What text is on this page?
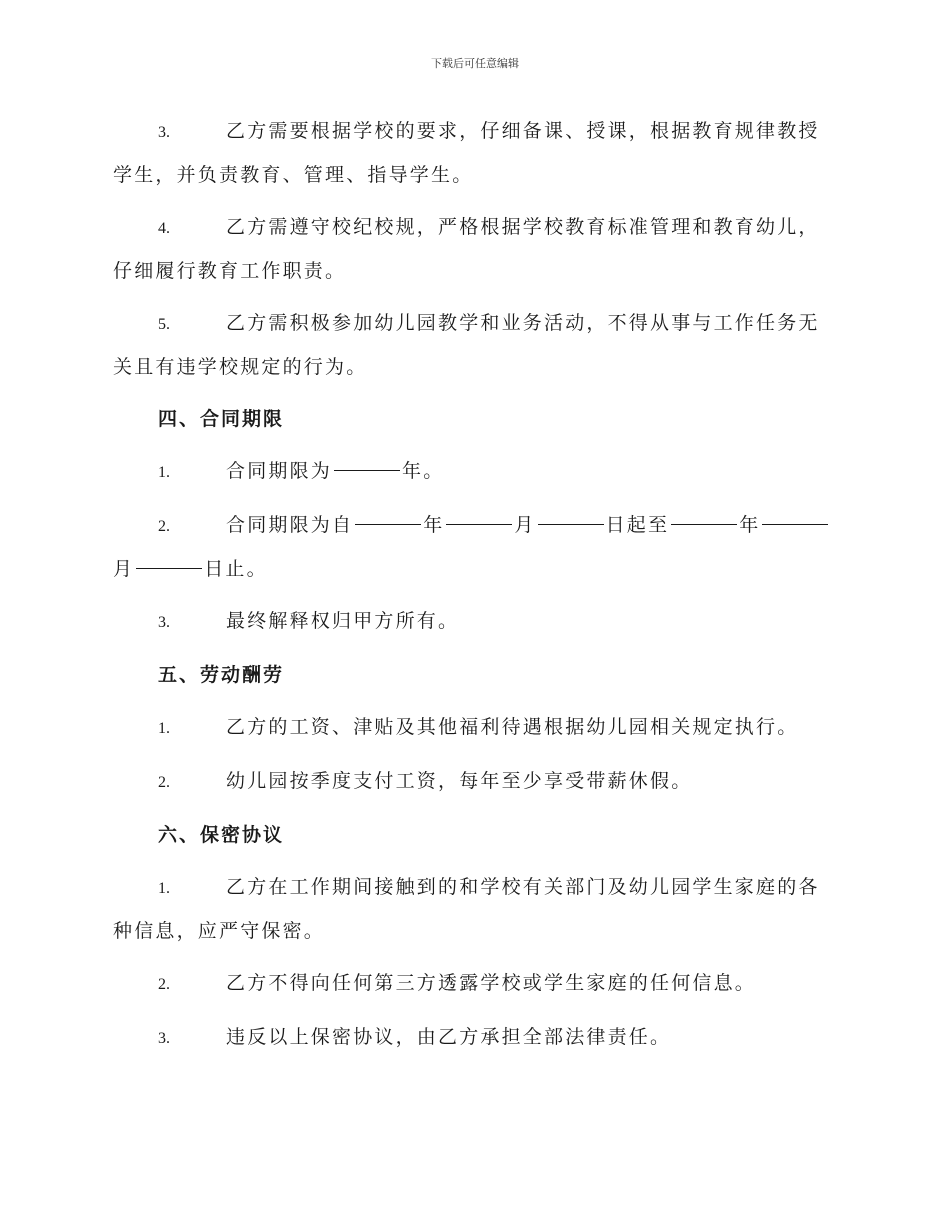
下载后可任意编辑

3.	乙方需要根据学校的要求，仔细备课、授课，根据教育规律教授学生，并负责教育、管理、指导学生。

4.	乙方需遵守校纪校规，严格根据学校教育标准管理和教育幼儿，仔细履行教育工作职责。

5.	乙方需积极参加幼儿园教学和业务活动，不得从事与工作任务无关且有违学校规定的行为。

四、合同期限

1.	合同期限为	年。

2.	合同期限为自	年	月	日起至	年月	日止。

3.	最终解释权归甲方所有。

五、劳动酬劳

1.	乙方的工资、津贴及其他福利待遇根据幼儿园相关规定执行。

2.	幼儿园按季度支付工资，每年至少享受带薪休假。

六、保密协议

1.	乙方在工作期间接触到的和学校有关部门及幼儿园学生家庭的各种信息，应严守保密。

2.	乙方不得向任何第三方透露学校或学生家庭的任何信息。

3.	违反以上保密协议，由乙方承担全部法律责任。
